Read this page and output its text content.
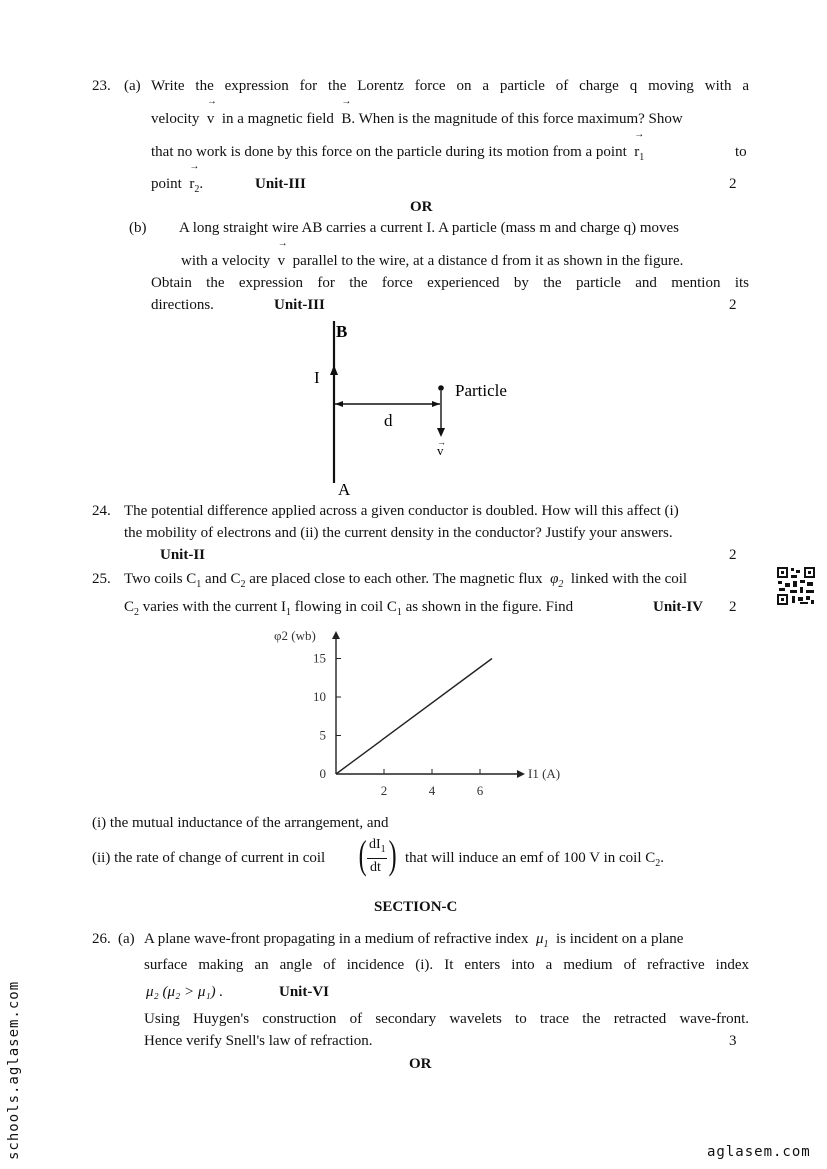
23. (a) Write the expression for the Lorentz force on a particle of charge q moving with a
velocity
→
v in a magnetic field
→
B. When is the magnitude of this force maximum? Show
that no work is done by this force on the particle during its motion from a point
→
$r_1$	to
point
→
$r_2$.	Unit-III	2
OR
(b) A long straight wire AB carries a current I. A particle (mass m and charge q) moves
with a velocity
→
v parallel to the wire, at a distance d from it as shown in the figure.
Obtain the expression for the force experienced by the particle and mention its
directions.	Unit-III	2
B
A
I
Particle
d
v
→
24. The potential difference applied across a given conductor is doubled. How will this affect (i)
the mobility of electrons and (ii) the current density in the conductor? Justify your answers.
Unit-II	2
25. Two coils $C_1$ and $C_2$ are placed close to each other. The magnetic flux $\varphi_2$ linked with the coil
$C_2$ varies with the current $I_1$ flowing in coil $C_1$ as shown in the figure. Find	Unit-IV 2
φ2 (wb)
I1 (A)
15
10
5
0
2	4	6
(i) the mutual inductance of the arrangement, and
(ii) the rate of change of current in coil ( $dI_1$
dt ) that will induce an emf of 100 V in coil $C_2$.
SECTION-C
26. (a) A plane wave-front propagating in a medium of refractive index $\mu_1$ is incident on a plane
surface making an angle of incidence (i). It enters into a medium of refractive index
μ₂ (μ₂ > μ₁) .	Unit-VI
Using Huygen's construction of secondary wavelets to trace the retracted wave-front.
Hence verify Snell's law of refraction.	3
OR
schools.aglasem.com	aglasem.com
